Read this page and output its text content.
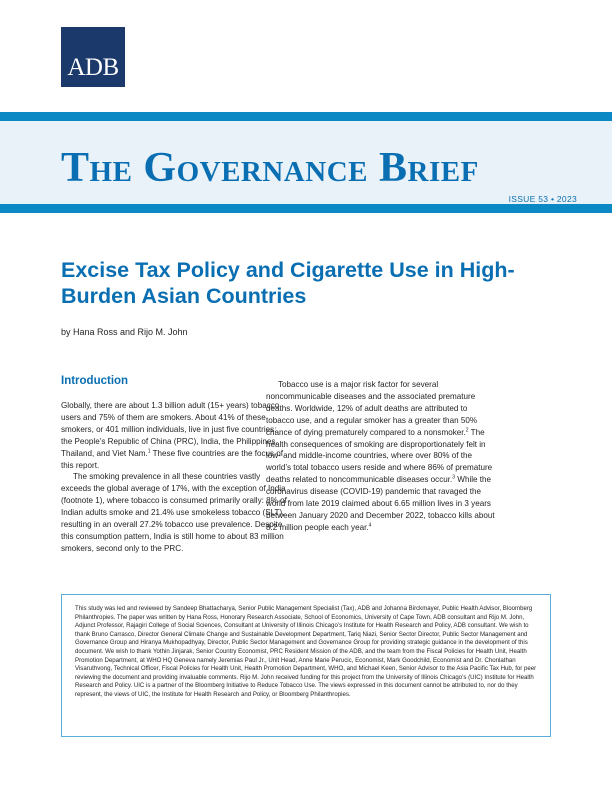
ADB
The Governance Brief
ISSUE 53 • 2023
Excise Tax Policy and Cigarette Use in High-Burden Asian Countries
by Hana Ross and Rijo M. John
Introduction

Globally, there are about 1.3 billion adult (15+ years) tobacco users and 75% of them are smokers. About 41% of these smokers, or 401 million individuals, live in just five countries: the People’s Republic of China (PRC), India, the Philippines, Thailand, and Viet Nam.$^1$ These five countries are the focus of this report.

The smoking prevalence in all these countries vastly exceeds the global average of 17%, with the exception of India (footnote 1), where tobacco is consumed primarily orally: 8% of Indian adults smoke and 21.4% use smokeless tobacco (SLT), resulting in an overall 27.2% tobacco use prevalence. Despite this consumption pattern, India is still home to about 83 million smokers, second only to the PRC.

Tobacco use is a major risk factor for several noncommunicable diseases and the associated premature deaths. Worldwide, 12% of adult deaths are attributed to tobacco use, and a regular smoker has a greater than 50% chance of dying prematurely compared to a nonsmoker.$^2$ The health consequences of smoking are disproportionately felt in low- and middle-income countries, where over 80% of the world’s total tobacco users reside and where 86% of premature deaths related to noncommunicable diseases occur.$^3$ While the coronavirus disease (COVID-19) pandemic that ravaged the world from late 2019 claimed about 6.65 million lives in 3 years between January 2020 and December 2022, tobacco kills about 8.2 million people each year.$^4$

This study was led and reviewed by Sandeep Bhattacharya, Senior Public Management Specialist (Tax), ADB and Johanna Birckmayer, Public Health Advisor, Bloomberg Philanthropies. The paper was written by Hana Ross, Honorary Research Associate, School of Economics, University of Cape Town, ADB consultant and Rijo M. John, Adjunct Professor, Rajagiri College of Social Sciences, Consultant at University of Illinois Chicago’s Institute for Health Research and Policy, ADB consultant. We wish to thank Bruno Carrasco, Director General Climate Change and Sustainable Development Department, Tariq Niazi, Senior Sector Director, Public Sector Management and Governance Group and Hiranya Mukhopadhyay, Director, Public Sector Management and Governance Group for providing strategic guidance in the development of this document. We wish to thank Yothin Jinjarak, Senior Country Economist, PRC Resident Mission of the ADB, and the team from the Fiscal Policies for Health Unit, Health Promotion Department, at WHO HQ Geneva namely Jeremias Paul Jr., Unit Head, Anne Marie Perucic, Economist, Mark Goodchild, Economist and Dr. Chonlathan Visaruthvong, Technical Officer, Fiscal Policies for Health Unit, Health Promotion Department, WHO, and Michael Keen, Senior Advisor to the Asia Pacific Tax Hub, for peer reviewing the document and providing invaluable comments. Rijo M. John received funding for this project from the University of Illinois Chicago’s (UIC) Institute for Health Research and Policy. UIC is a partner of the Bloomberg Initiative to Reduce Tobacco Use. The views expressed in this document cannot be attributed to, nor do they represent, the views of UIC, the Institute for Health Research and Policy, or Bloomberg Philanthropies.
